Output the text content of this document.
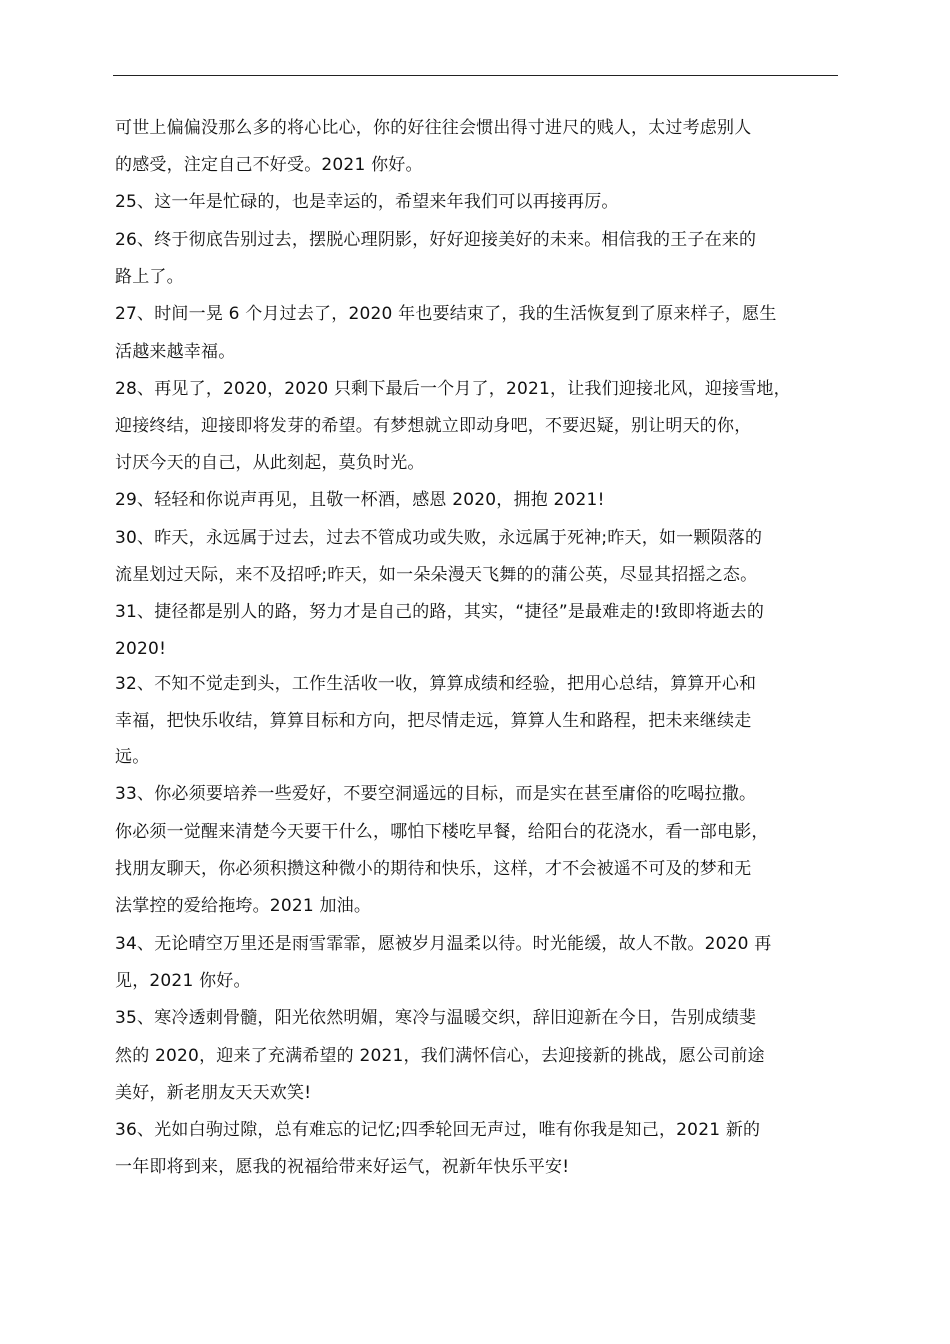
可世上偏偏没那么多的将心比心，你的好往往会惯出得寸进尺的贱人，太过考虑别人
的感受，注定自己不好受。2021 你好。
25、这一年是忙碌的，也是幸运的，希望来年我们可以再接再厉。
26、终于彻底告别过去，摆脱心理阴影，好好迎接美好的未来。相信我的王子在来的
路上了。
27、时间一晃 6 个月过去了，2020 年也要结束了，我的生活恢复到了原来样子，愿生
活越来越幸福。
28、再见了，2020，2020 只剩下最后一个月了，2021，让我们迎接北风，迎接雪地，
迎接终结，迎接即将发芽的希望。有梦想就立即动身吧，不要迟疑，别让明天的你，
讨厌今天的自己，从此刻起，莫负时光。
29、轻轻和你说声再见，且敬一杯酒，感恩 2020，拥抱 2021!
30、昨天，永远属于过去，过去不管成功或失败，永远属于死神;昨天，如一颗陨落的
流星划过天际，来不及招呼;昨天，如一朵朵漫天飞舞的的蒲公英，尽显其招摇之态。
31、捷径都是别人的路，努力才是自己的路，其实，“捷径”是最难走的!致即将逝去的
2020!
32、不知不觉走到头，工作生活收一收，算算成绩和经验，把用心总结，算算开心和
幸福，把快乐收结，算算目标和方向，把尽情走远，算算人生和路程，把未来继续走
远。
33、你必须要培养一些爱好，不要空洞遥远的目标，而是实在甚至庸俗的吃喝拉撒。
你必须一觉醒来清楚今天要干什么，哪怕下楼吃早餐，给阳台的花浇水，看一部电影，
找朋友聊天，你必须积攒这种微小的期待和快乐，这样，才不会被遥不可及的梦和无
法掌控的爱给拖垮。2021 加油。
34、无论晴空万里还是雨雪霏霏，愿被岁月温柔以待。时光能缓，故人不散。2020 再
见，2021 你好。
35、寒冷透刺骨髓，阳光依然明媚，寒冷与温暖交织，辞旧迎新在今日，告别成绩斐
然的 2020，迎来了充满希望的 2021，我们满怀信心，去迎接新的挑战，愿公司前途
美好，新老朋友天天欢笑!
36、光如白驹过隙，总有难忘的记忆;四季轮回无声过，唯有你我是知己，2021 新的
一年即将到来，愿我的祝福给带来好运气，祝新年快乐平安!
